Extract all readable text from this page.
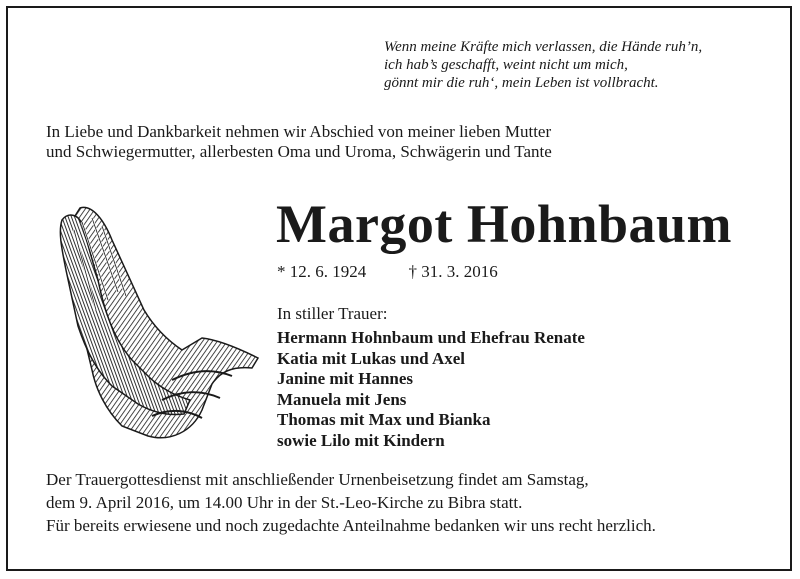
Wenn meine Kräfte mich verlassen, die Hände ruh’n,
ich hab’s geschafft, weint nicht um mich,
gönnt mir die ruh‘, mein Leben ist vollbracht.
In Liebe und Dankbarkeit nehmen wir Abschied von meiner lieben Mutter
und Schwiegermutter, allerbesten Oma und Uroma, Schwägerin und Tante
Margot Hohnbaum
* 12. 6. 1924 † 31. 3. 2016
In stiller Trauer:
Hermann Hohnbaum und Ehefrau Renate
Katia mit Lukas und Axel
Janine mit Hannes
Manuela mit Jens
Thomas mit Max und Bianka
sowie Lilo mit Kindern
Der Trauergottesdienst mit anschließender Urnenbeisetzung findet am Samstag,
dem 9. April 2016, um 14.00 Uhr in der St.-Leo-Kirche zu Bibra statt.
Für bereits erwiesene und noch zugedachte Anteilnahme bedanken wir uns recht herzlich.
